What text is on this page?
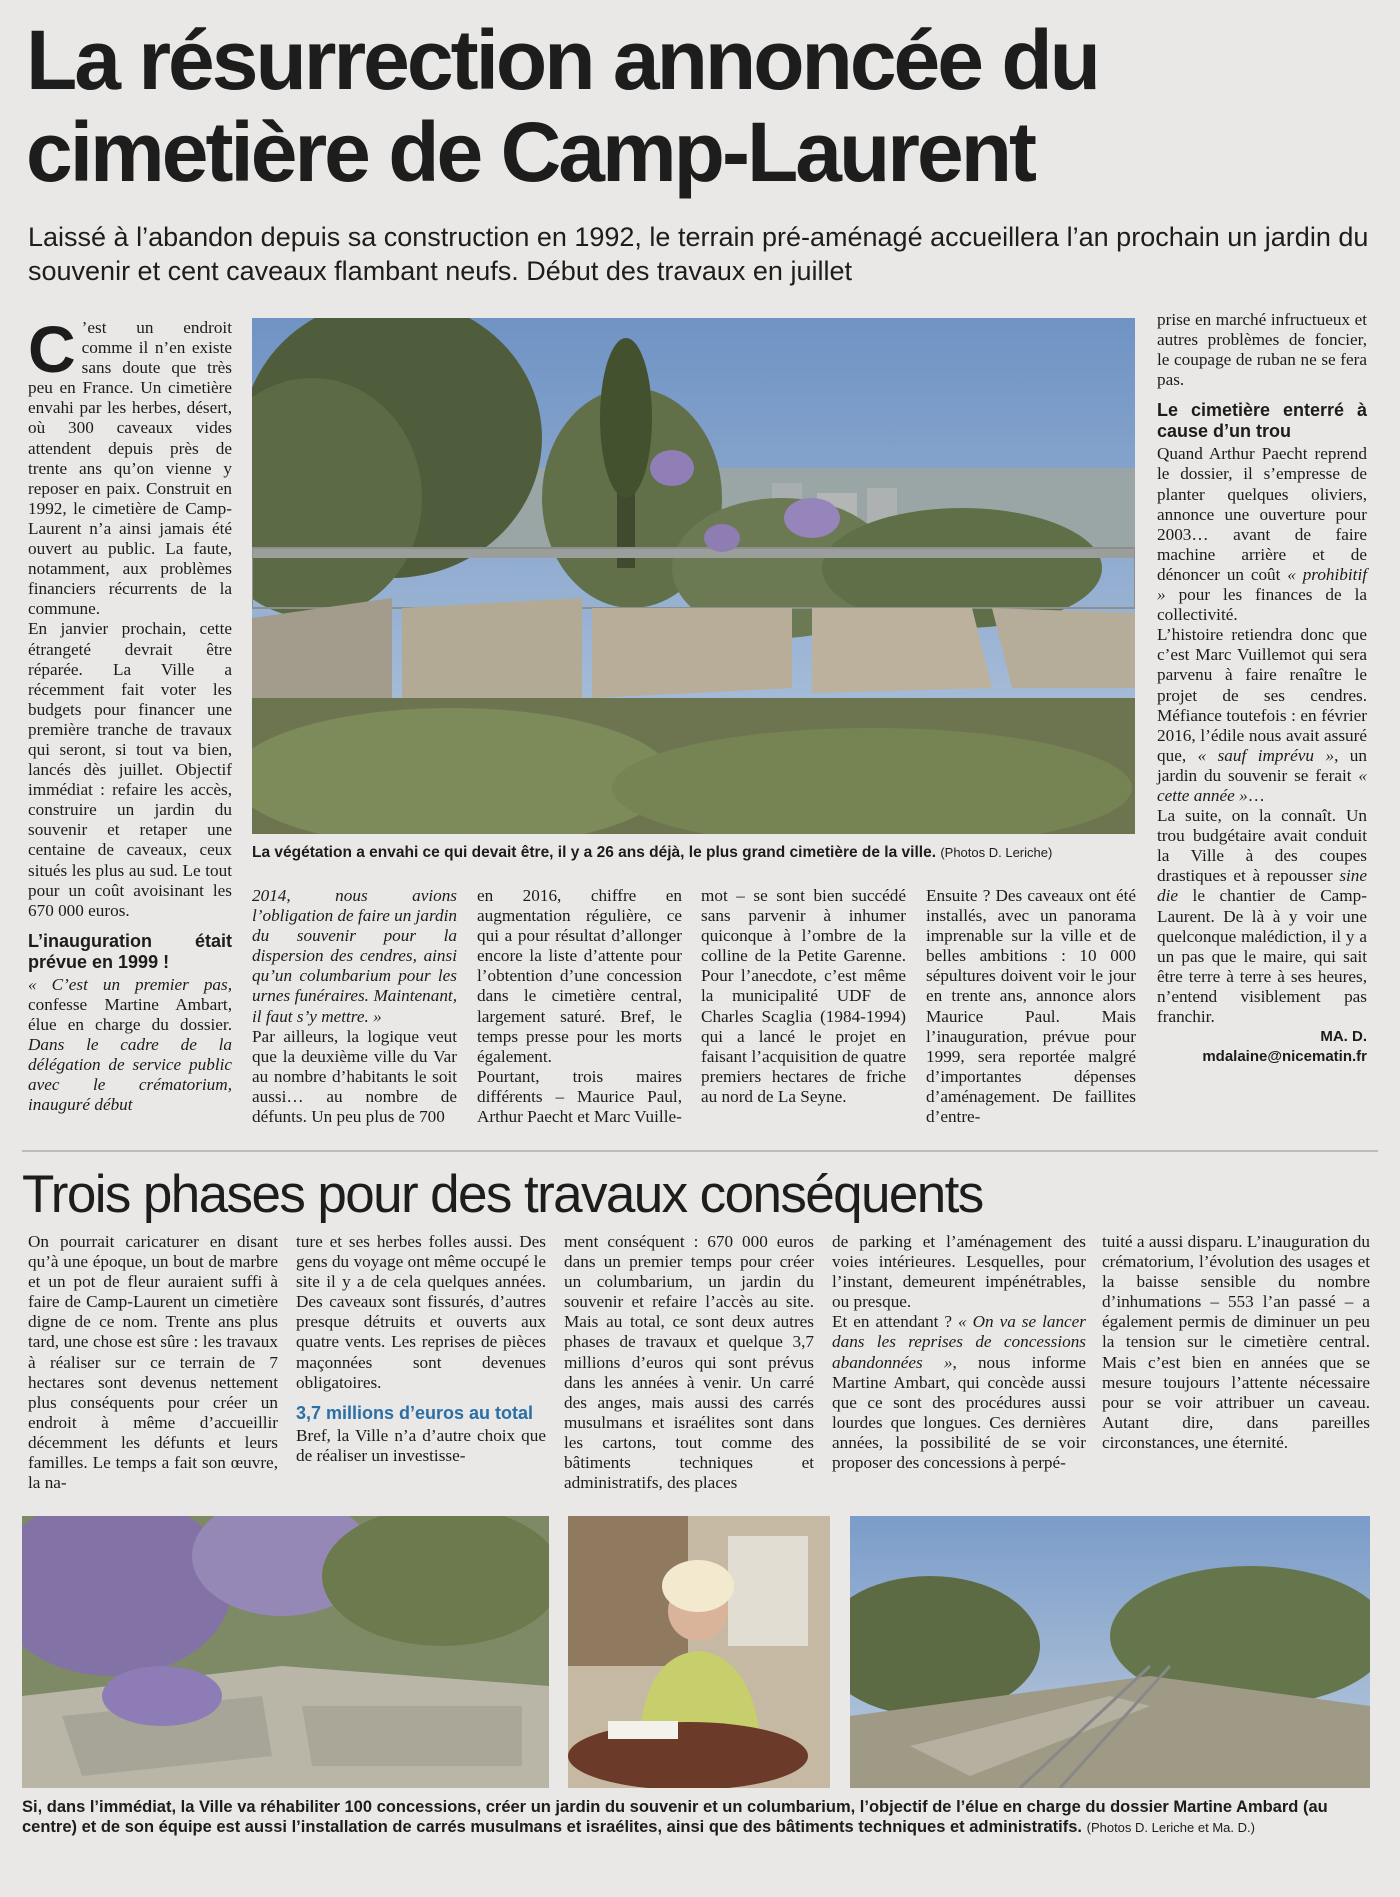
La résurrection annoncée du cimetière de Camp-Laurent

Laissé à l’abandon depuis sa construction en 1992, le terrain pré-aménagé accueillera l’an prochain un jardin du souvenir et cent caveaux flambant neufs. Début des travaux en juillet

C ’est un endroit comme il n’en existe sans doute que très peu en France. Un cimetière envahi par les herbes, désert, où 300 caveaux vides attendent depuis près de trente ans qu’on vienne y reposer en paix. Construit en 1992, le cimetière de Camp-Laurent n’a ainsi jamais été ouvert au public. La faute, notamment, aux problèmes financiers récurrents de la commune.

En janvier prochain, cette étrangeté devrait être réparée. La Ville a récemment fait voter les budgets pour financer une première tranche de travaux qui seront, si tout va bien, lancés dès juillet. Objectif immédiat : refaire les accès, construire un jardin du souvenir et retaper une centaine de caveaux, ceux situés les plus au sud. Le tout pour un coût avoisinant les 670 000 euros.

L’inauguration était prévue en 1999 !

« C’est un premier pas, confesse Martine Ambart, élue en charge du dossier. Dans le cadre de la délégation de service public avec le crématorium, inauguré début

La végétation a envahi ce qui devait être, il y a 26 ans déjà, le plus grand cimetière de la ville. (Photos D. Leriche)

2014, nous avions l’obligation de faire un jardin du souvenir pour la dispersion des cendres, ainsi qu’un columbarium pour les urnes funéraires. Maintenant, il faut s’y mettre. »

Par ailleurs, la logique veut que la deuxième ville du Var au nombre d’habitants le soit aussi… au nombre de défunts. Un peu plus de 700

en 2016, chiffre en augmentation régulière, ce qui a pour résultat d’allonger encore la liste d’attente pour l’obtention d’une concession dans le cimetière central, largement saturé. Bref, le temps presse pour les morts également.

Pourtant, trois maires différents – Maurice Paul, Arthur Paecht et Marc Vuille-

mot – se sont bien succédé sans parvenir à inhumer quiconque à l’ombre de la colline de la Petite Garenne. Pour l’anecdote, c’est même la municipalité UDF de Charles Scaglia (1984-1994) qui a lancé le projet en faisant l’acquisition de quatre premiers hectares de friche au nord de La Seyne.

Ensuite ? Des caveaux ont été installés, avec un panorama imprenable sur la ville et de belles ambitions : 10 000 sépultures doivent voir le jour en trente ans, annonce alors Maurice Paul. Mais l’inauguration, prévue pour 1999, sera reportée malgré d’importantes dépenses d’aménagement. De faillites d’entre-

prise en marché infructueux et autres problèmes de foncier, le coupage de ruban ne se fera pas.

Le cimetière enterré à cause d’un trou

Quand Arthur Paecht reprend le dossier, il s’empresse de planter quelques oliviers, annonce une ouverture pour 2003… avant de faire machine arrière et de dénoncer un coût « prohibitif » pour les finances de la collectivité.

L’histoire retiendra donc que c’est Marc Vuillemot qui sera parvenu à faire renaître le projet de ses cendres. Méfiance toutefois : en février 2016, l’édile nous avait assuré que, « sauf imprévu », un jardin du souvenir se ferait « cette année »…

La suite, on la connaît. Un trou budgétaire avait conduit la Ville à des coupes drastiques et à repousser sine die le chantier de Camp-Laurent. De là à y voir une quelconque malédiction, il y a un pas que le maire, qui sait être terre à terre à ses heures, n’entend visiblement pas franchir.

MA. D.

mdalaine@nicematin.fr

Trois phases pour des travaux conséquents

On pourrait caricaturer en disant qu’à une époque, un bout de marbre et un pot de fleur auraient suffi à faire de Camp-Laurent un cimetière digne de ce nom. Trente ans plus tard, une chose est sûre : les travaux à réaliser sur ce terrain de 7 hectares sont devenus nettement plus conséquents pour créer un endroit à même d’accueillir décemment les défunts et leurs familles. Le temps a fait son œuvre, la na-

ture et ses herbes folles aussi. Des gens du voyage ont même occupé le site il y a de cela quelques années. Des caveaux sont fissurés, d’autres presque détruits et ouverts aux quatre vents. Les reprises de pièces maçonnées sont devenues obligatoires.

3,7 millions d’euros au total

Bref, la Ville n’a d’autre choix que de réaliser un investisse-

ment conséquent : 670 000 euros dans un premier temps pour créer un columbarium, un jardin du souvenir et refaire l’accès au site. Mais au total, ce sont deux autres phases de travaux et quelque 3,7 millions d’euros qui sont prévus dans les années à venir. Un carré des anges, mais aussi des carrés musulmans et israélites sont dans les cartons, tout comme des bâtiments techniques et administratifs, des places

de parking et l’aménagement des voies intérieures. Lesquelles, pour l’instant, demeurent impénétrables, ou presque.

Et en attendant ? « On va se lancer dans les reprises de concessions abandonnées », nous informe Martine Ambart, qui concède aussi que ce sont des procédures aussi lourdes que longues. Ces dernières années, la possibilité de se voir proposer des concessions à perpé-

tuité a aussi disparu. L’inauguration du crématorium, l’évolution des usages et la baisse sensible du nombre d’inhumations – 553 l’an passé – a également permis de diminuer un peu la tension sur le cimetière central. Mais c’est bien en années que se mesure toujours l’attente nécessaire pour se voir attribuer un caveau. Autant dire, dans pareilles circonstances, une éternité.

Si, dans l’immédiat, la Ville va réhabiliter 100 concessions, créer un jardin du souvenir et un columbarium, l’objectif de l’élue en charge du dossier Martine Ambard (au centre) et de son équipe est aussi l’installation de carrés musulmans et israélites, ainsi que des bâtiments techniques et administratifs. (Photos D. Leriche et Ma. D.)
